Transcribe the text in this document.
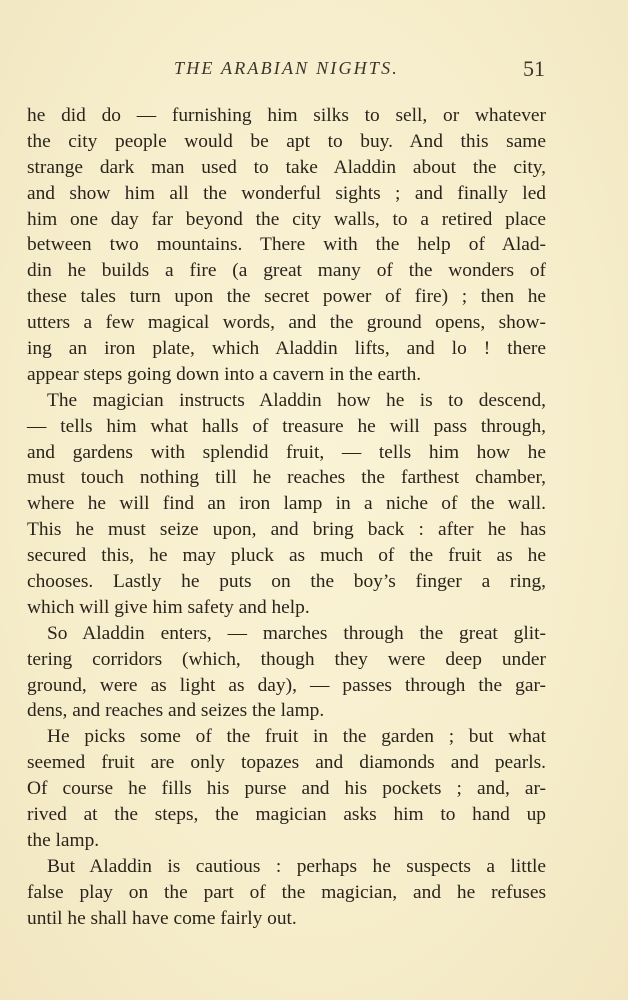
THE ARABIAN NIGHTS.	51
he did do — furnishing him silks to sell, or whatever
the city people would be apt to buy. And this same
strange dark man used to take Aladdin about the city,
and show him all the wonderful sights ; and finally led
him one day far beyond the city walls, to a retired place
between two mountains. There with the help of Alad-
din he builds a fire (a great many of the wonders of
these tales turn upon the secret power of fire) ; then he
utters a few magical words, and the ground opens, show-
ing an iron plate, which Aladdin lifts, and lo ! there
appear steps going down into a cavern in the earth.
The magician instructs Aladdin how he is to descend,
— tells him what halls of treasure he will pass through,
and gardens with splendid fruit, — tells him how he
must touch nothing till he reaches the farthest chamber,
where he will find an iron lamp in a niche of the wall.
This he must seize upon, and bring back : after he has
secured this, he may pluck as much of the fruit as he
chooses. Lastly he puts on the boy’s finger a ring,
which will give him safety and help.
So Aladdin enters, — marches through the great glit-
tering corridors (which, though they were deep under
ground, were as light as day), — passes through the gar-
dens, and reaches and seizes the lamp.
He picks some of the fruit in the garden ; but what
seemed fruit are only topazes and diamonds and pearls.
Of course he fills his purse and his pockets ; and, ar-
rived at the steps, the magician asks him to hand up
the lamp.
But Aladdin is cautious : perhaps he suspects a little
false play on the part of the magician, and he refuses
until he shall have come fairly out.
